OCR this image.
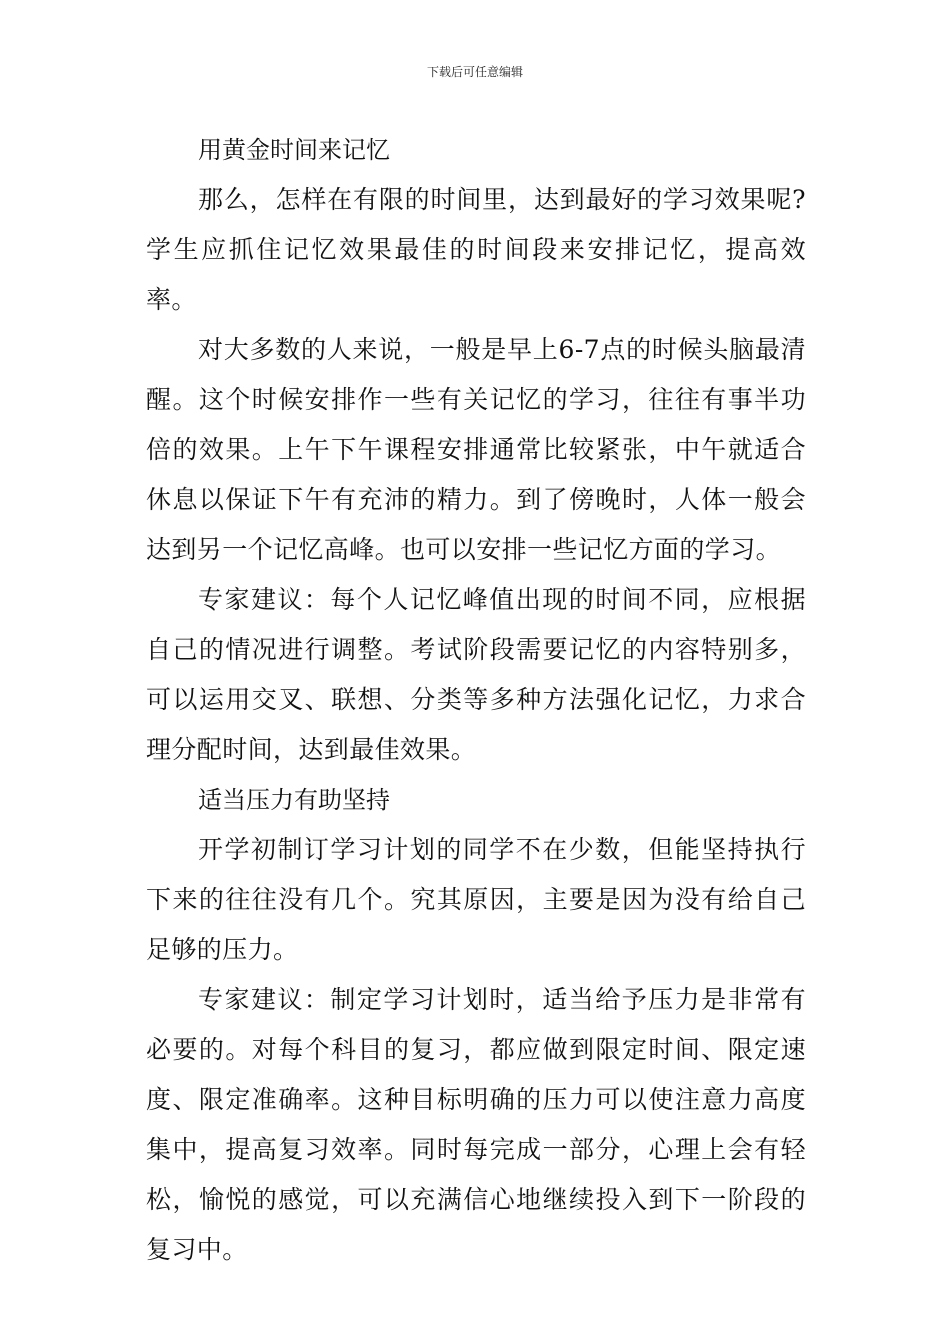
下载后可任意编辑

用黄金时间来记忆

那么，怎样在有限的时间里，达到最好的学习效果呢?学生应抓住记忆效果最佳的时间段来安排记忆，提高效率。

对大多数的人来说，一般是早上6-7点的时候头脑最清醒。这个时候安排作一些有关记忆的学习，往往有事半功倍的效果。上午下午课程安排通常比较紧张，中午就适合休息以保证下午有充沛的精力。到了傍晚时，人体一般会达到另一个记忆高峰。也可以安排一些记忆方面的学习。

专家建议：每个人记忆峰值出现的时间不同，应根据自己的情况进行调整。考试阶段需要记忆的内容特别多，可以运用交叉、联想、分类等多种方法强化记忆，力求合理分配时间，达到最佳效果。

适当压力有助坚持

开学初制订学习计划的同学不在少数，但能坚持执行下来的往往没有几个。究其原因，主要是因为没有给自己足够的压力。

专家建议：制定学习计划时，适当给予压力是非常有必要的。对每个科目的复习，都应做到限定时间、限定速度、限定准确率。这种目标明确的压力可以使注意力高度集中，提高复习效率。同时每完成一部分，心理上会有轻松，愉悦的感觉，可以充满信心地继续投入到下一阶段的复习中。
